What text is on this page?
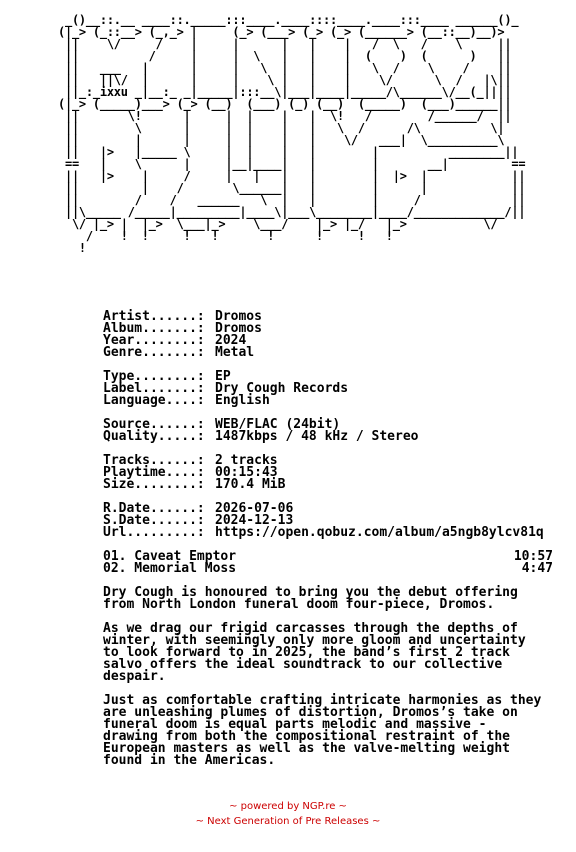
_()__::.__ ____::._____:::____.____::::____.____:::____ ______()_
(|_> (_::__> (_,_> |     (_> (___> (_> (_> (______> (__::__)__)>
||    \/     /    |     |      |   |    |   /  \   /    \     ||
||          /     |     |  \   |   |    |  (    )  (      )   ||
||   ___   |      |     |   \  |   |    |   \  /    \    /    ||
||   ||\/  |      |     |    \ |   |    |    \/      \  /   |\||
||_:_ixxu _|__:_ _|_____|:::__\|___|____|_____/\______\/__(_||||
(|_> (_____)___> (_> (__)  (___) (_) (__)  (_____)  (___)______||
||       \!      |     |  |    |   |  \!   /        /______/  ||
||        \      |     |  |    |   |   \  /      /\          \|
||        |      |     |  |    |   |    \/   ___|  \__________\
||   |>   |_____ \     |  |    |   |        |          ________||
==   |    \      |     |__|____|   |        |       __|         ==
||   |>    |     /     |   |   |   |        |  |>  |            ||
||         |    /       \______|   |        |      |            ||
||        /    /   ______   \  |   |        |     /             ||
||\_____ /_____|_________|____\|___\________|____/_____________/||
\/ |_> |  |_>  \___|_>    \___/    |_> |_/   |_>           \/
/    !  !     !   !       !      !     !   !
!
Artist......: Dromos
Album.......: Dromos
Year........: 2024
Genre.......: Metal
Type........: EP
Label.......: Dry Cough Records
Language....: English
Source......: WEB/FLAC (24bit)
Quality.....: 1487kbps / 48 kHz / Stereo
Tracks......: 2 tracks
Playtime....: 00:15:43
Size........: 170.4 MiB
R.Date......: 2026-07-06
S.Date......: 2024-12-13
Url.........: https://open.qobuz.com/album/a5ngb8ylcv81q
01. Caveat Emptor	10:57
02. Memorial Moss	4:47
Dry Cough is honoured to bring you the debut offering
from North London funeral doom four-piece, Dromos.
As we drag our frigid carcasses through the depths of
winter, with seemingly only more gloom and uncertainty
to look forward to in 2025, the band’s first 2 track
salvo offers the ideal soundtrack to our collective
despair.
Just as comfortable crafting intricate harmonies as they
are unleashing plumes of distortion, Dromos’s take on
funeral doom is equal parts melodic and massive -
drawing from both the compositional restraint of the
European masters as well as the valve-melting weight
found in the Americas.
~ powered by NGP.re ~
~ Next Generation of Pre Releases ~
